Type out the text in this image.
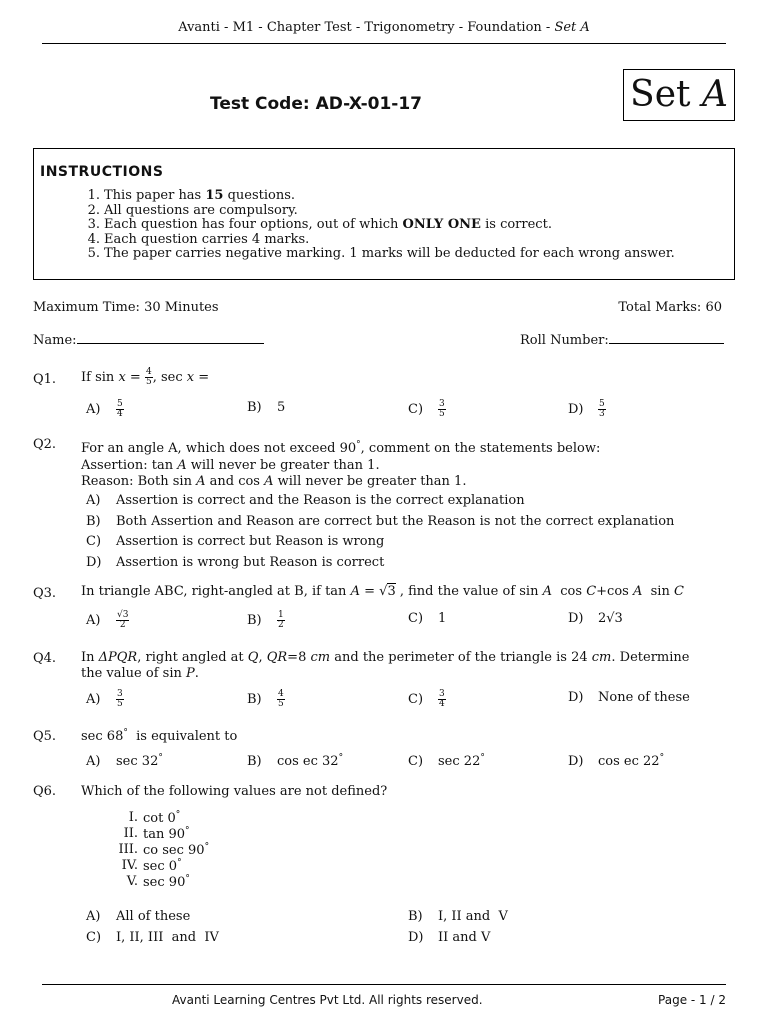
Avanti - M1 - Chapter Test - Trigonometry - Foundation - Set A
Test Code: AD-X-01-17	Set A
INSTRUCTIONS
1. This paper has 15 questions.
2. All questions are compulsory.
3. Each question has four options, out of which ONLY ONE is correct.
4. Each question carries 4 marks.
5. The paper carries negative marking. 1 marks will be deducted for each wrong answer.
Maximum Time: 30 Minutes	Total Marks: 60
Name:	Roll Number:
Q1. If $\sin x = \frac{4}{5}$ , sec x =
$A) \frac{5}{4}$	B) 5	$C) \frac{3}{5}$	$D) \frac{5}{3}$
Q2. For an angle A, which does not exceed 90°, comment on the statements below:
Assertion: tan A will never be greater than 1.
Reason: Both sin A and cos A will never be greater than 1.
A) Assertion is correct and the Reason is the correct explanation
B) Both Assertion and Reason are correct but the Reason is not the correct explanation
C) Assertion is correct but Reason is wrong
D) Assertion is wrong but Reason is correct
Q3. In triangle ABC, right-angled at B, if tan A = √3 , find the value of sin A cos C+cos A sin C
$A) \frac{√3}{2}$	$B) \frac{1}{2}$	C) 1	D) 2√3
Q4. In ΔPQR, right angled at Q, QR=8 cm and the perimeter of the triangle is 24 cm. Determine
the value of sin P.
$A) \frac{3}{5}$	$B) \frac{4}{5}$	$C) \frac{3}{4}$	D) None of these
Q5. sec 68°  is equivalent to
A) sec 32°	B) cos ec 32°	C) sec 22°	D) cos ec 22°
Q6. Which of the following values are not defined?
I. cot 0°
II. tan 90°
III. co sec 90°
IV. sec 0°
V. sec 90°
A) All of these	B) I, II and  V
C) I, II, III  and  IV	D) II and V
Avanti Learning Centres Pvt Ltd. All rights reserved.	Page - 1 / 2
